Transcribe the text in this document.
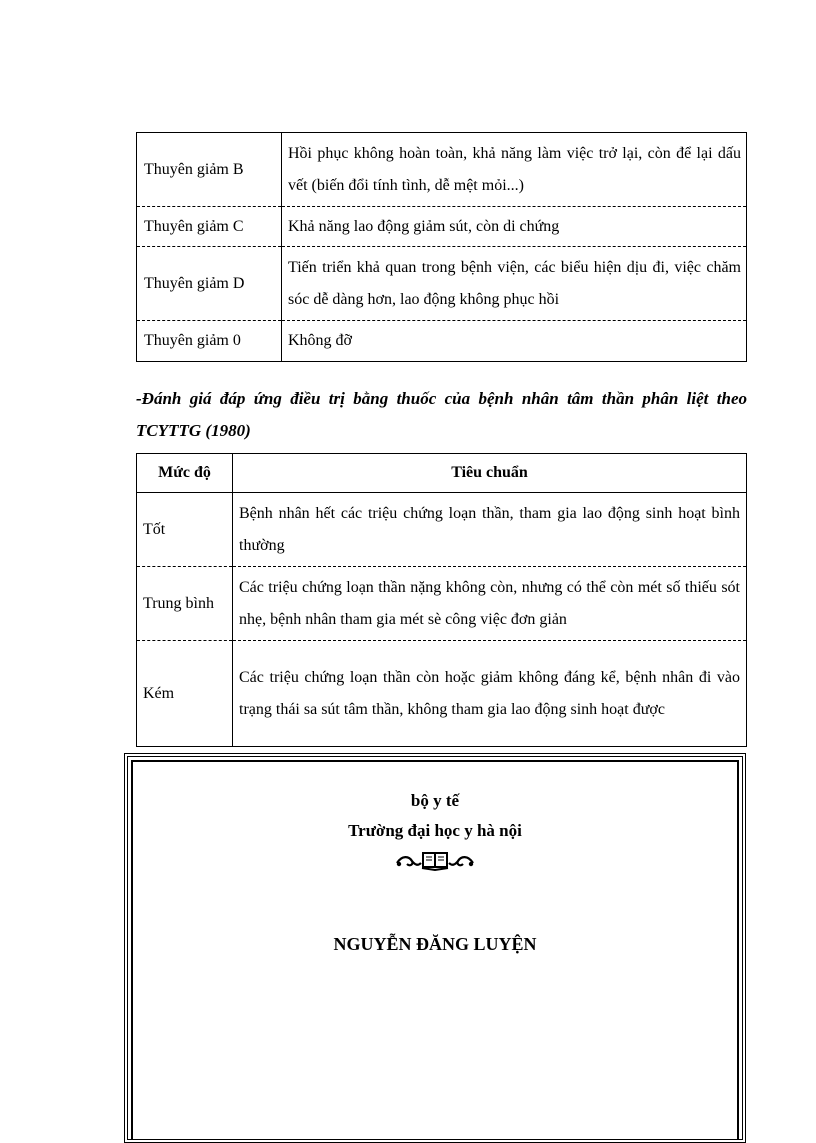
Thuyên giảm B	Hồi phục không hoàn toàn, khả năng làm việc trở lại, còn để lại dấu vết (biến đổi tính tình, dễ mệt mỏi...)
Thuyên giảm C	Khả năng lao động giảm sút, còn di chứng
Thuyên giảm D	Tiến triển khả quan trong bệnh viện, các biểu hiện dịu đi, việc chăm sóc dễ dàng hơn, lao động không phục hồi
Thuyên giảm 0	Không đỡ
-Đánh giá đáp ứng điều trị bằng thuốc của bệnh nhân tâm thần phân liệt theo TCYTTG (1980)
Mức độ	Tiêu chuẩn
Tốt	Bệnh nhân hết các triệu chứng loạn thần, tham gia lao động sinh hoạt bình thường
Trung bình	Các triệu chứng loạn thần nặng không còn, nhưng có thể còn mét số thiếu sót nhẹ, bệnh nhân tham gia mét sè công việc đơn giản
Kém	Các triệu chứng loạn thần còn hoặc giảm không đáng kể, bệnh nhân đi vào trạng thái sa sút tâm thần, không tham gia lao động sinh hoạt được
bộ y tế
Trường đại học y hà nội
NGUYỄN ĐĂNG LUYỆN
